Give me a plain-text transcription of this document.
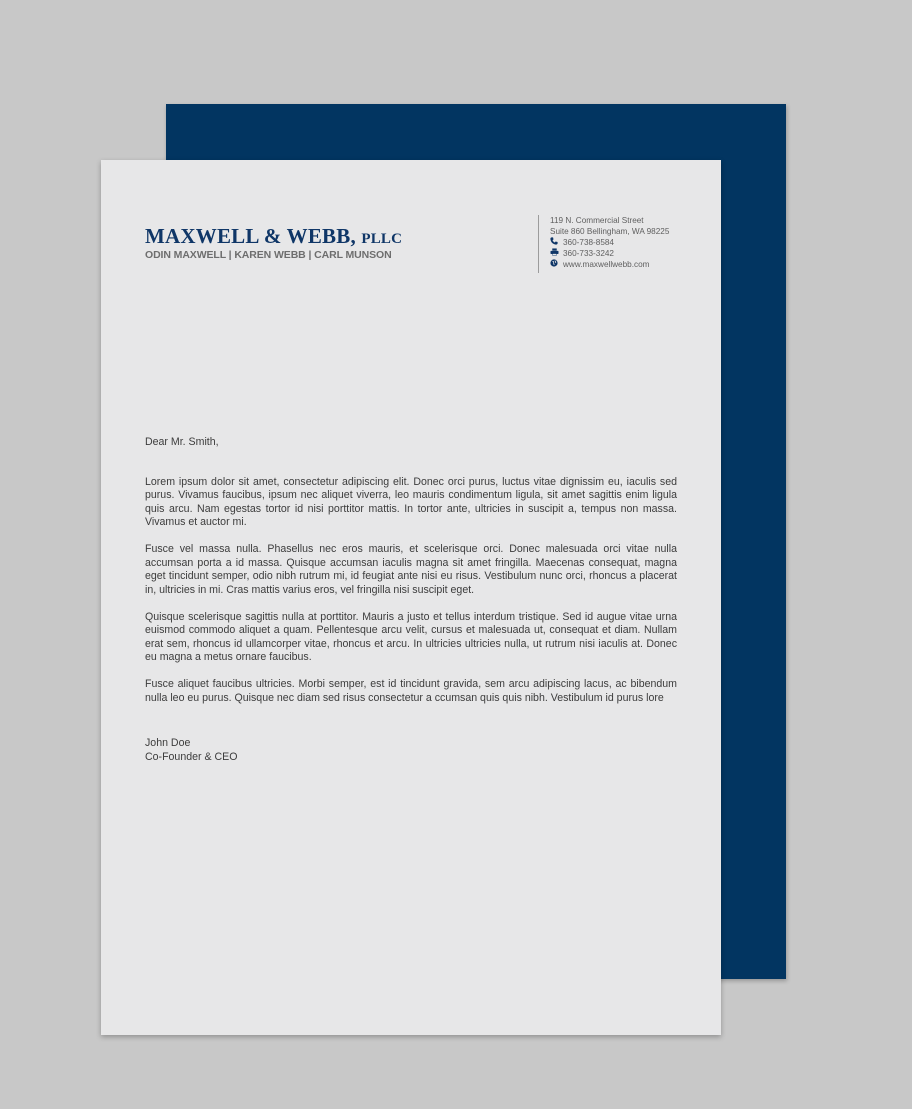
MAXWELL & WEBB, PLLC
ODIN MAXWELL | KAREN WEBB | CARL MUNSON
119 N. Commercial Street
Suite 860 Bellingham, WA 98225
360-738-8584
360-733-3242
www.maxwellwebb.com

Dear Mr. Smith,

Lorem ipsum dolor sit amet, consectetur adipiscing elit. Donec orci purus, luctus vitae dignissim eu, iaculis sed purus. Vivamus faucibus, ipsum nec aliquet viverra, leo mauris condimentum ligula, sit amet sagittis enim ligula quis arcu. Nam egestas tortor id nisi porttitor mattis. In tortor ante, ultricies in suscipit a, tempus non massa. Vivamus et auctor mi.

Fusce vel massa nulla. Phasellus nec eros mauris, et scelerisque orci. Donec malesuada orci vitae nulla accumsan porta a id massa. Quisque accumsan iaculis magna sit amet fringilla. Maecenas consequat, magna eget tincidunt semper, odio nibh rutrum mi, id feugiat ante nisi eu risus. Vestibulum nunc orci, rhoncus a placerat in, ultricies in mi. Cras mattis varius eros, vel fringilla nisi suscipit eget.

Quisque scelerisque sagittis nulla at porttitor. Mauris a justo et tellus interdum tristique. Sed id augue vitae urna euismod commodo aliquet a quam. Pellentesque arcu velit, cursus et malesuada ut, consequat et diam. Nullam erat sem, rhoncus id ullamcorper vitae, rhoncus et arcu. In ultricies ultricies nulla, ut rutrum nisi iaculis at. Donec eu magna a metus ornare faucibus.

Fusce aliquet faucibus ultricies. Morbi semper, est id tincidunt gravida, sem arcu adipiscing lacus, ac bibendum nulla leo eu purus. Quisque nec diam sed risus consectetur a ccumsan quis quis nibh. Vestibulum id purus lore

John Doe
Co-Founder & CEO
